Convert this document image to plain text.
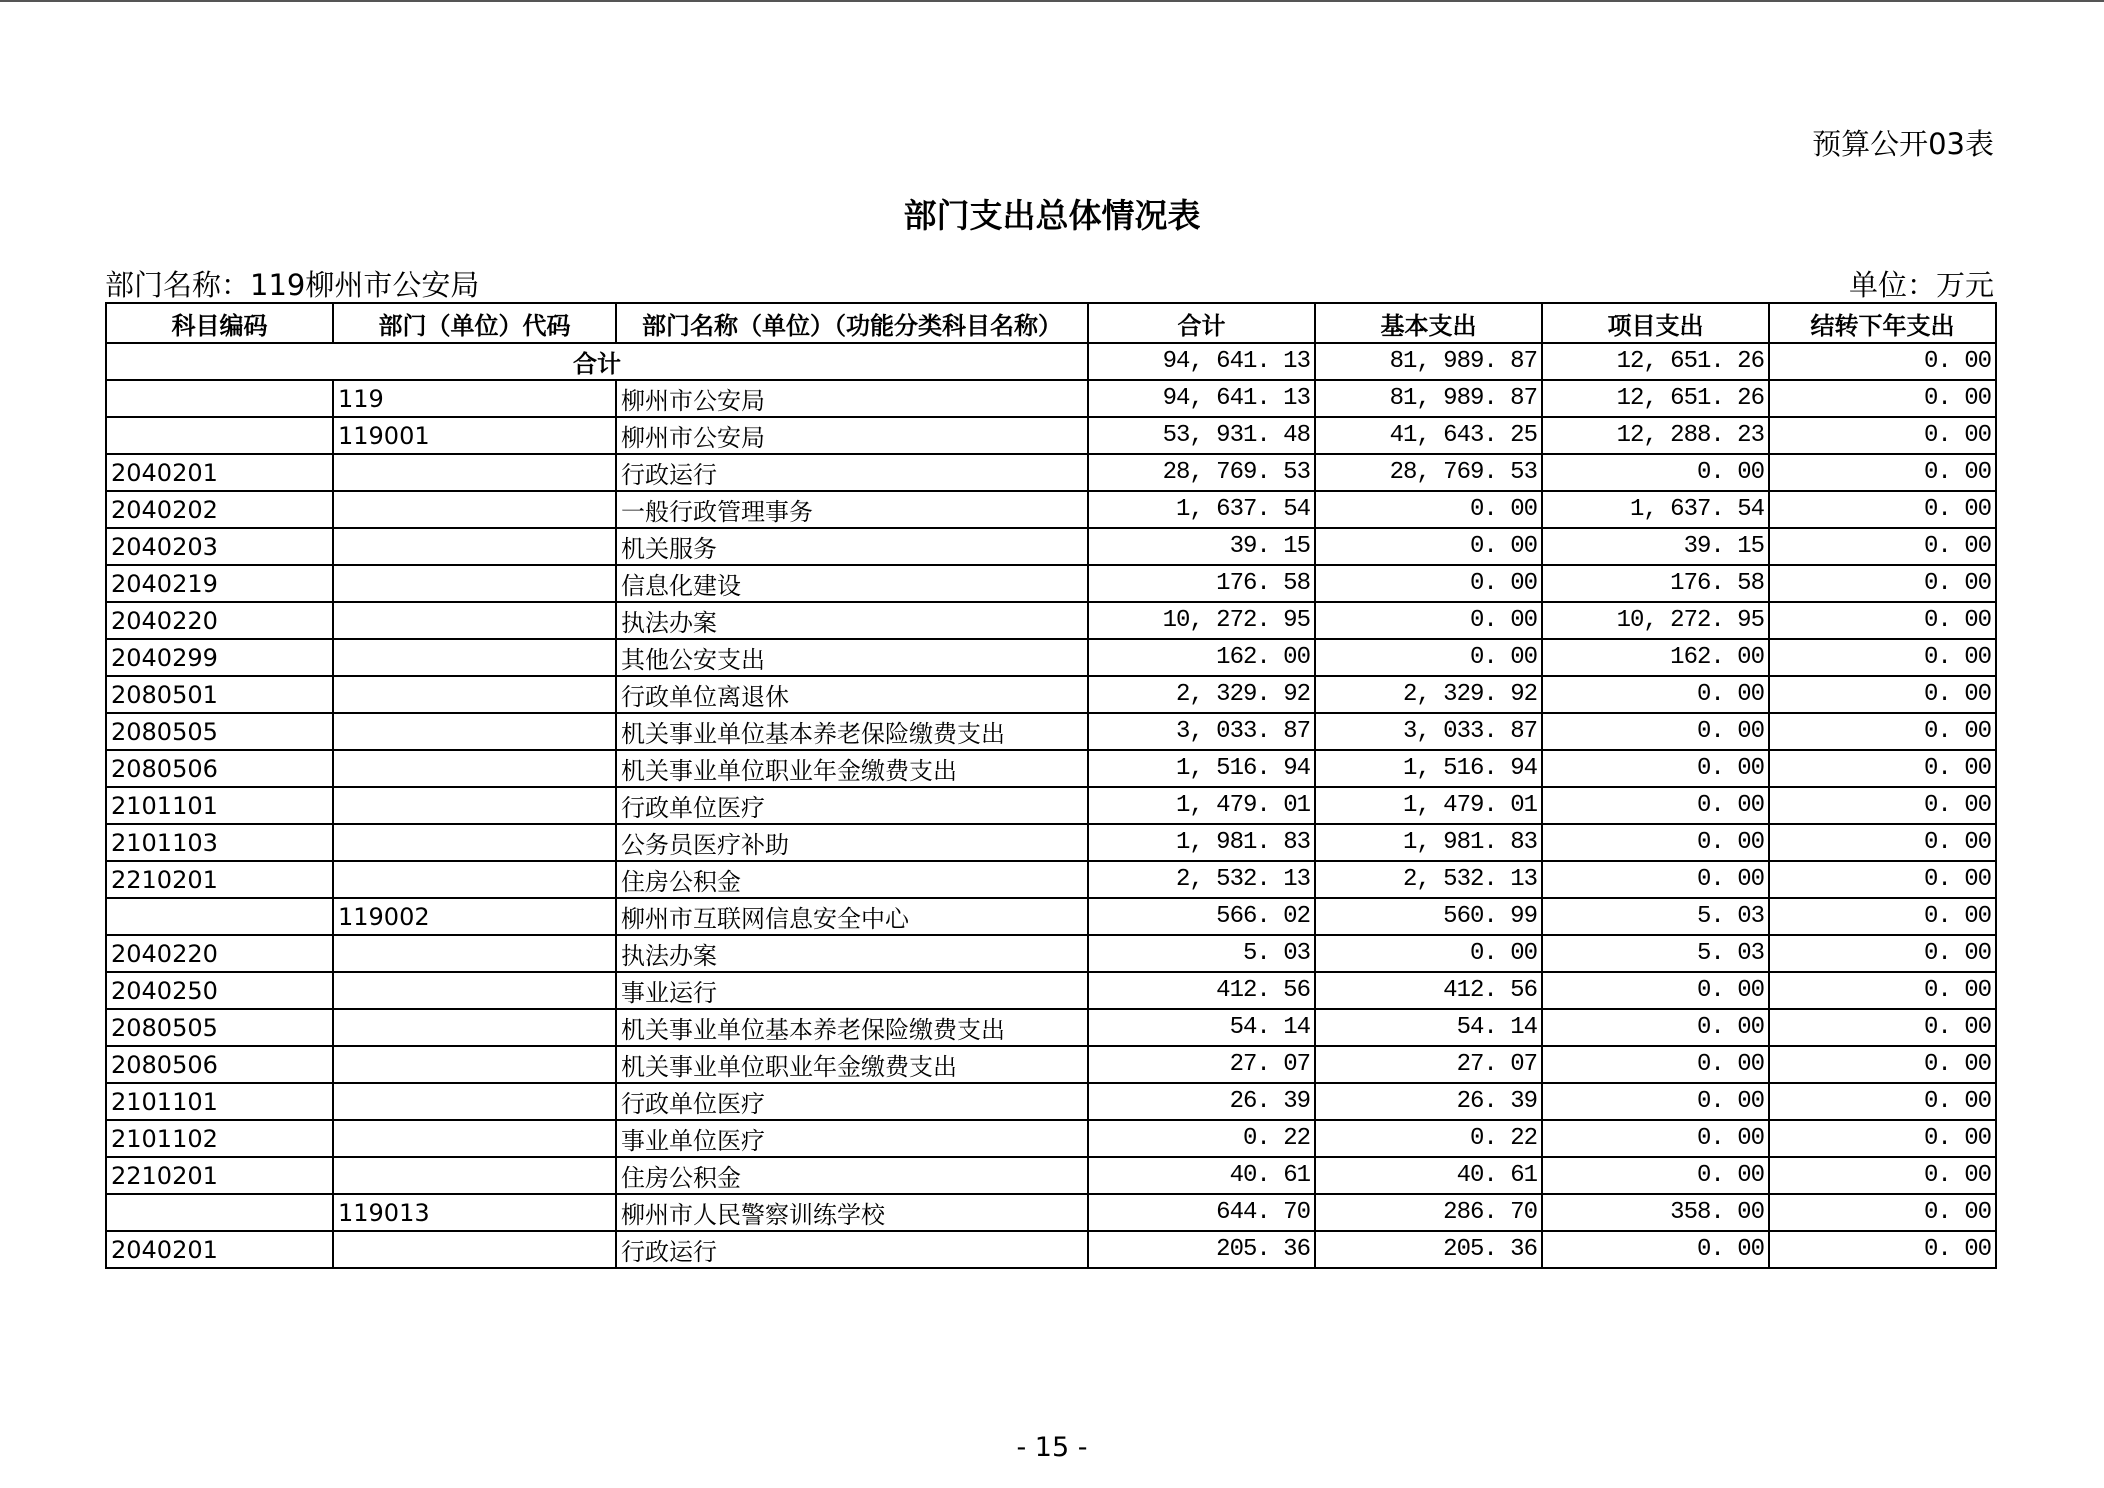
预算公开03表
部门支出总体情况表
部门名称：119柳州市公安局	单位：万元
科目编码	部门（单位）代码	部门名称（单位）（功能分类科目名称）	合计	基本支出	项目支出	结转下年支出
合计			94, 641. 13	81, 989. 87	12, 651. 26	0. 00
	119	柳州市公安局	94, 641. 13	81, 989. 87	12, 651. 26	0. 00
	119001	柳州市公安局	53, 931. 48	41, 643. 25	12, 288. 23	0. 00
2040201		行政运行	28, 769. 53	28, 769. 53	0. 00	0. 00
2040202		一般行政管理事务	1, 637. 54	0. 00	1, 637. 54	0. 00
2040203		机关服务	39. 15	0. 00	39. 15	0. 00
2040219		信息化建设	176. 58	0. 00	176. 58	0. 00
2040220		执法办案	10, 272. 95	0. 00	10, 272. 95	0. 00
2040299		其他公安支出	162. 00	0. 00	162. 00	0. 00
2080501		行政单位离退休	2, 329. 92	2, 329. 92	0. 00	0. 00
2080505		机关事业单位基本养老保险缴费支出	3, 033. 87	3, 033. 87	0. 00	0. 00
2080506		机关事业单位职业年金缴费支出	1, 516. 94	1, 516. 94	0. 00	0. 00
2101101		行政单位医疗	1, 479. 01	1, 479. 01	0. 00	0. 00
2101103		公务员医疗补助	1, 981. 83	1, 981. 83	0. 00	0. 00
2210201		住房公积金	2, 532. 13	2, 532. 13	0. 00	0. 00
	119002	柳州市互联网信息安全中心	566. 02	560. 99	5. 03	0. 00
2040220		执法办案	5. 03	0. 00	5. 03	0. 00
2040250		事业运行	412. 56	412. 56	0. 00	0. 00
2080505		机关事业单位基本养老保险缴费支出	54. 14	54. 14	0. 00	0. 00
2080506		机关事业单位职业年金缴费支出	27. 07	27. 07	0. 00	0. 00
2101101		行政单位医疗	26. 39	26. 39	0. 00	0. 00
2101102		事业单位医疗	0. 22	0. 22	0. 00	0. 00
2210201		住房公积金	40. 61	40. 61	0. 00	0. 00
	119013	柳州市人民警察训练学校	644. 70	286. 70	358. 00	0. 00
2040201		行政运行	205. 36	205. 36	0. 00	0. 00
- 15 -
